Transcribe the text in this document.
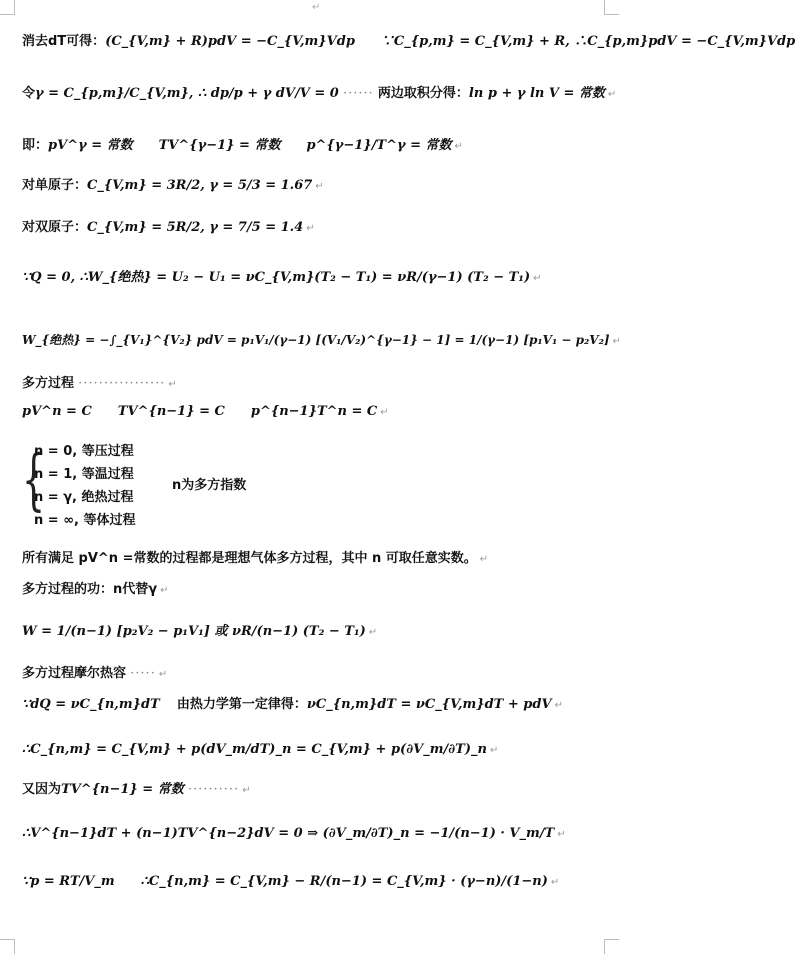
↵
消去dT可得：(C_{V,m} + R)pdV = −C_{V,m}Vdp　　∵C_{p,m} = C_{V,m} + R, ∴C_{p,m}pdV = −C_{V,m}Vdp
令γ = C_{p,m}/C_{V,m}, ∴ dp/p + γ dV/V = 0 ······ 两边取积分得：ln p + γ ln V = 常数 ↵
即：pV^γ = 常数　　TV^{γ−1} = 常数　　p^{γ−1}/T^γ = 常数 ↵
对单原子：C_{V,m} = 3R/2, γ = 5/3 = 1.67 ↵
对双原子：C_{V,m} = 5R/2, γ = 7/5 = 1.4 ↵
∵Q = 0, ∴W_{绝热} = U₂ − U₁ = νC_{V,m}(T₂ − T₁) = νR/(γ−1) (T₂ − T₁) ↵
W_{绝热} = −∫_{V₁}^{V₂} pdV = p₁V₁/(γ−1) [(V₁/V₂)^{γ−1} − 1] = 1/(γ−1) [p₁V₁ − p₂V₂] ↵
多方过程 ················· ↵
pV^n = C　　TV^{n−1} = C　　p^{n−1}T^n = C ↵
{
n = 0, 等压过程
n = 1, 等温过程
n = γ, 绝热过程
n = ∞, 等体过程
n为多方指数
所有满足 pV^n =常数的过程都是理想气体多方过程，其中 n 可取任意实数。 ↵
多方过程的功：n代替γ ↵
W = 1/(n−1) [p₂V₂ − p₁V₁] 或 νR/(n−1) (T₂ − T₁) ↵
多方过程摩尔热容 ····· ↵
∵dQ = νC_{n,m}dT 　由热力学第一定律得：νC_{n,m}dT = νC_{V,m}dT + pdV ↵
∴C_{n,m} = C_{V,m} + p(dV_m/dT)_n = C_{V,m} + p(∂V_m/∂T)_n ↵
又因为TV^{n−1} = 常数 ·········· ↵
∴V^{n−1}dT + (n−1)TV^{n−2}dV = 0 ⇒ (∂V_m/∂T)_n = −1/(n−1) · V_m/T ↵
∵p = RT/V_m　　∴C_{n,m} = C_{V,m} − R/(n−1) = C_{V,m} · (γ−n)/(1−n) ↵
